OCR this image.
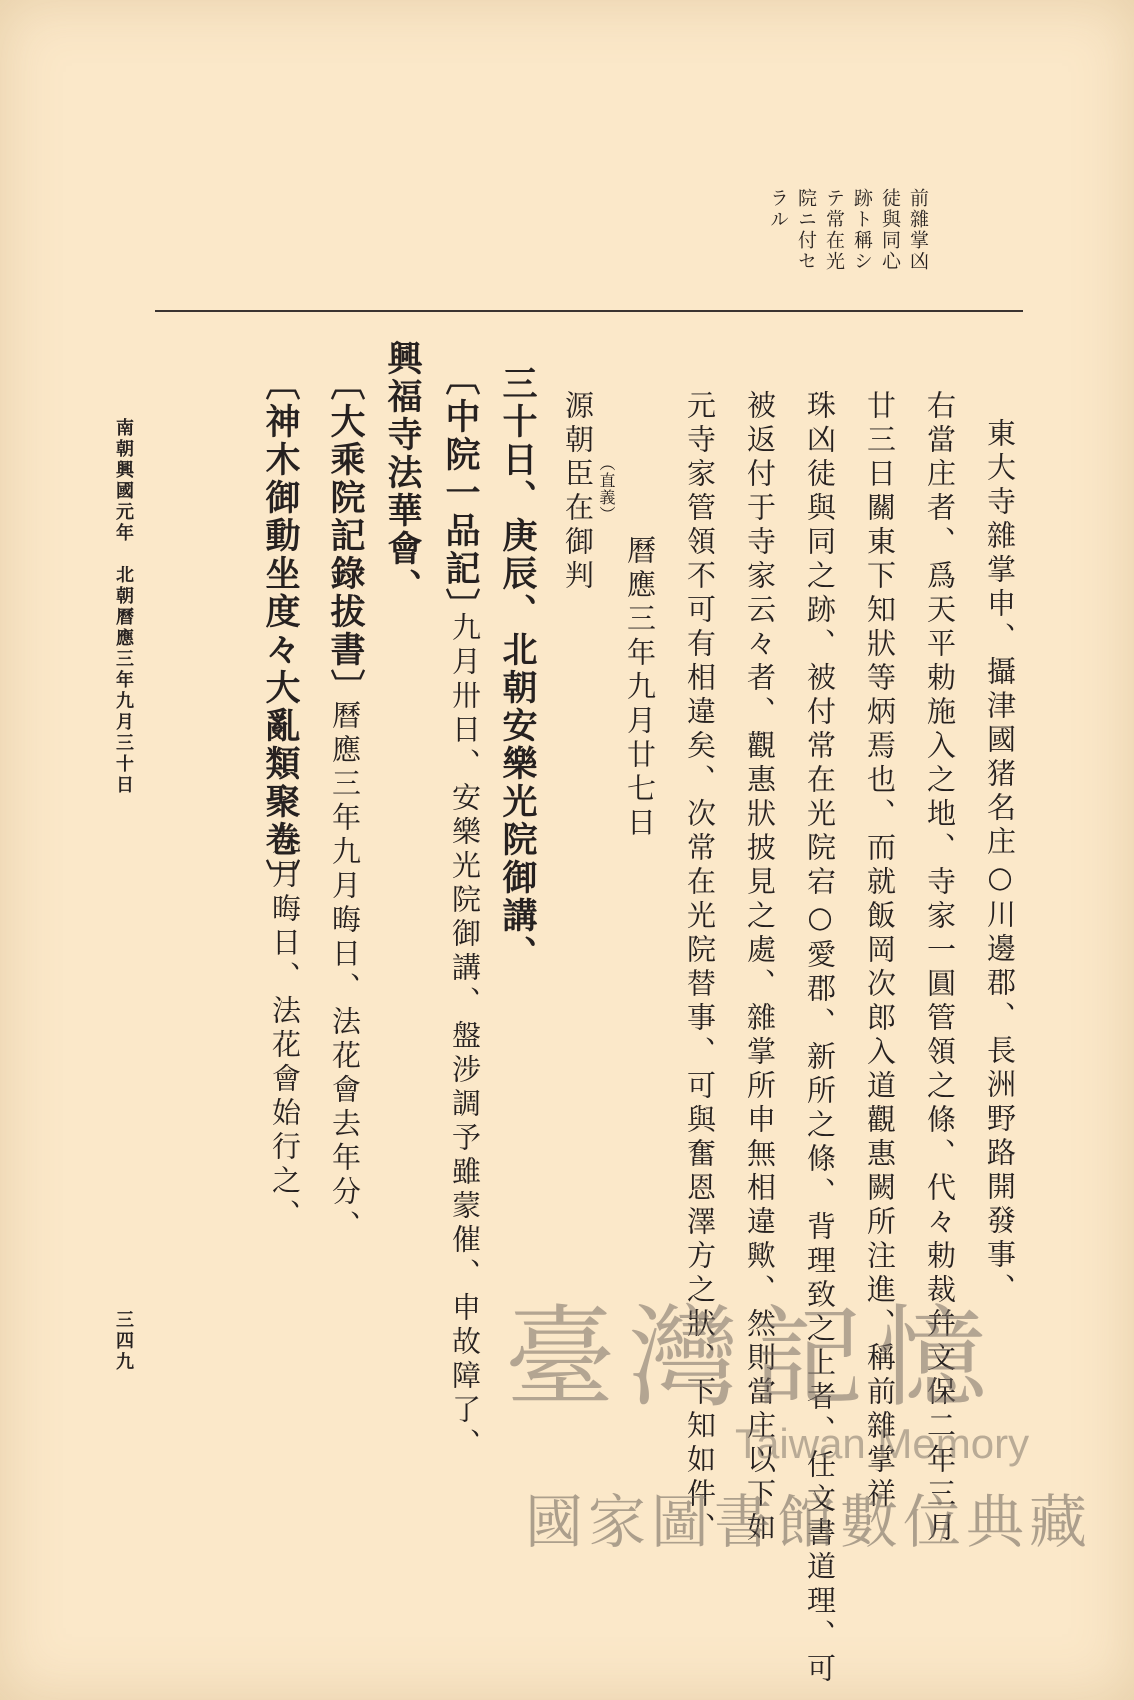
前雜掌凶
徒與同心
跡ト稱シ
テ常在光
院ニ付セ
ラル
東大寺雜掌申、攝津國猪名庄○川邊郡、長洲野路開發事、
右當庄者、爲天平勅施入之地、寺家一圓管領之條、代々勅裁幷文保二年三月
廿三日關東下知狀等炳焉也、而就飯岡次郎入道觀惠闕所注進、稱前雜掌祥
珠凶徒與同之跡、被付常在光院宕○愛郡、新所之條、背理致之上者、任文書道理、可
被返付于寺家云々者、觀惠狀披見之處、雜掌所申無相違歟、然則當庄以下如
元寺家管領不可有相違矣、次常在光院替事、可與奮恩澤方之狀、下知如件、
曆應三年九月廿七日
（直義）
源朝臣在御判
三十日、庚辰、北朝安樂光院御講、
〔中院一品記〕
九月卅日、安樂光院御講、盤涉調予雖蒙催、申故障了、
興福寺法華會、
〔大乘院記錄拔書〕
曆應三年九月晦日、法花會去年分、
〔神木御動坐度々大亂類聚卷〕
九月晦日、法花會始行之、
南朝興國元年　北朝曆應三年九月三十日
三四九	臺灣記憶
Taiwan Memory
國家圖書館數位典藏
